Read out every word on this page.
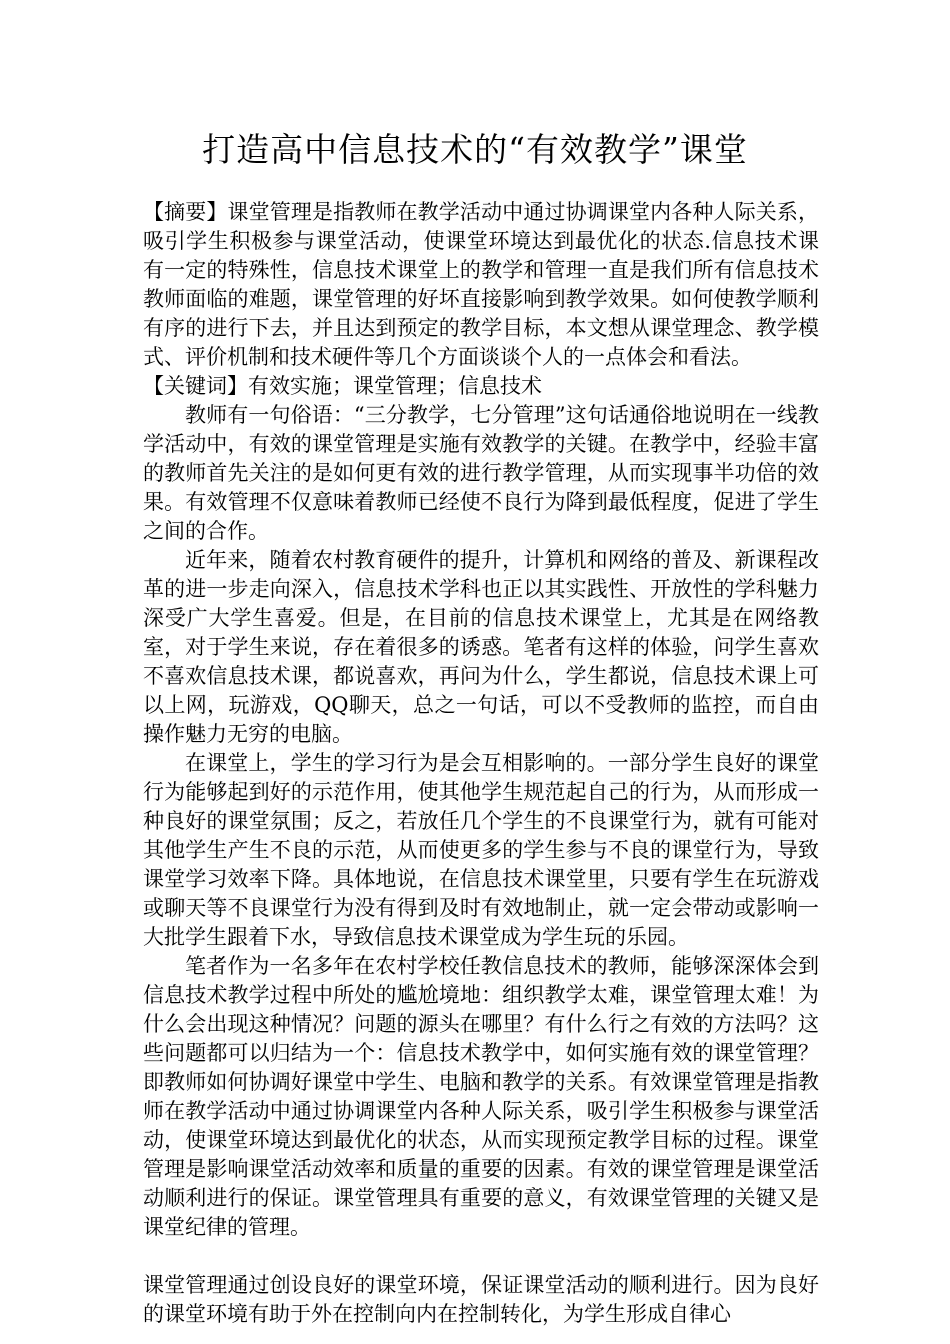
打造高中信息技术的“有效教学”课堂

【摘要】课堂管理是指教师在教学活动中通过协调课堂内各种人际关系，吸引学生积极参与课堂活动，使课堂环境达到最优化的状态.信息技术课有一定的特殊性，信息技术课堂上的教学和管理一直是我们所有信息技术教师面临的难题，课堂管理的好坏直接影响到教学效果。如何使教学顺利有序的进行下去，并且达到预定的教学目标，本文想从课堂理念、教学模式、评价机制和技术硬件等几个方面谈谈个人的一点体会和看法。

【关键词】有效实施；课堂管理；信息技术

教师有一句俗语：“三分教学，七分管理”这句话通俗地说明在一线教学活动中，有效的课堂管理是实施有效教学的关键。在教学中，经验丰富的教师首先关注的是如何更有效的进行教学管理，从而实现事半功倍的效果。有效管理不仅意味着教师已经使不良行为降到最低程度，促进了学生之间的合作。

近年来，随着农村教育硬件的提升，计算机和网络的普及、新课程改革的进一步走向深入，信息技术学科也正以其实践性、开放性的学科魅力深受广大学生喜爱。但是，在目前的信息技术课堂上，尤其是在网络教室，对于学生来说，存在着很多的诱惑。笔者有这样的体验，问学生喜欢不喜欢信息技术课，都说喜欢，再问为什么，学生都说，信息技术课上可以上网，玩游戏，QQ聊天，总之一句话，可以不受教师的监控，而自由操作魅力无穷的电脑。

在课堂上，学生的学习行为是会互相影响的。一部分学生良好的课堂行为能够起到好的示范作用，使其他学生规范起自己的行为，从而形成一种良好的课堂氛围；反之，若放任几个学生的不良课堂行为，就有可能对其他学生产生不良的示范，从而使更多的学生参与不良的课堂行为，导致课堂学习效率下降。具体地说，在信息技术课堂里，只要有学生在玩游戏或聊天等不良课堂行为没有得到及时有效地制止，就一定会带动或影响一大批学生跟着下水，导致信息技术课堂成为学生玩的乐园。

笔者作为一名多年在农村学校任教信息技术的教师，能够深深体会到信息技术教学过程中所处的尴尬境地：组织教学太难，课堂管理太难！为什么会出现这种情况？问题的源头在哪里？有什么行之有效的方法吗？这些问题都可以归结为一个：信息技术教学中，如何实施有效的课堂管理？即教师如何协调好课堂中学生、电脑和教学的关系。有效课堂管理是指教师在教学活动中通过协调课堂内各种人际关系，吸引学生积极参与课堂活动，使课堂环境达到最优化的状态，从而实现预定教学目标的过程。课堂管理是影响课堂活动效率和质量的重要的因素。有效的课堂管理是课堂活动顺利进行的保证。课堂管理具有重要的意义，有效课堂管理的关键又是课堂纪律的管理。

课堂管理通过创设良好的课堂环境，保证课堂活动的顺利进行。因为良好的课堂环境有助于外在控制向内在控制转化，为学生形成自律心
